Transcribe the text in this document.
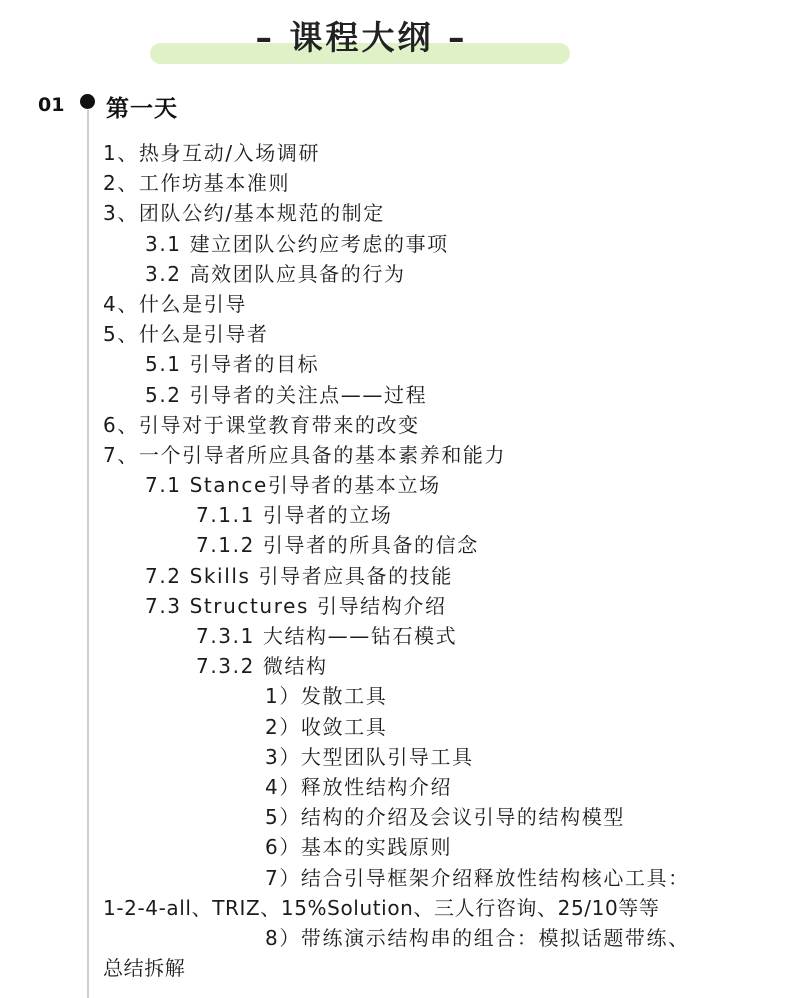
– 课程大纲 –
01 第一天
1、热身互动/入场调研
2、工作坊基本准则
3、团队公约/基本规范的制定
3.1 建立团队公约应考虑的事项
3.2 高效团队应具备的行为
4、什么是引导
5、什么是引导者
5.1 引导者的目标
5.2 引导者的关注点——过程
6、引导对于课堂教育带来的改变
7、一个引导者所应具备的基本素养和能力
7.1 Stance引导者的基本立场
7.1.1 引导者的立场
7.1.2 引导者的所具备的信念
7.2 Skills 引导者应具备的技能
7.3 Structures 引导结构介绍
7.3.1 大结构——钻石模式
7.3.2 微结构
1）发散工具
2）收敛工具
3）大型团队引导工具
4）释放性结构介绍
5）结构的介绍及会议引导的结构模型
6）基本的实践原则
7）结合引导框架介绍释放性结构核心工具：
1-2-4-all、TRIZ、15%Solution、三人行咨询、25/10等等
8）带练演示结构串的组合：模拟话题带练、
总结拆解
